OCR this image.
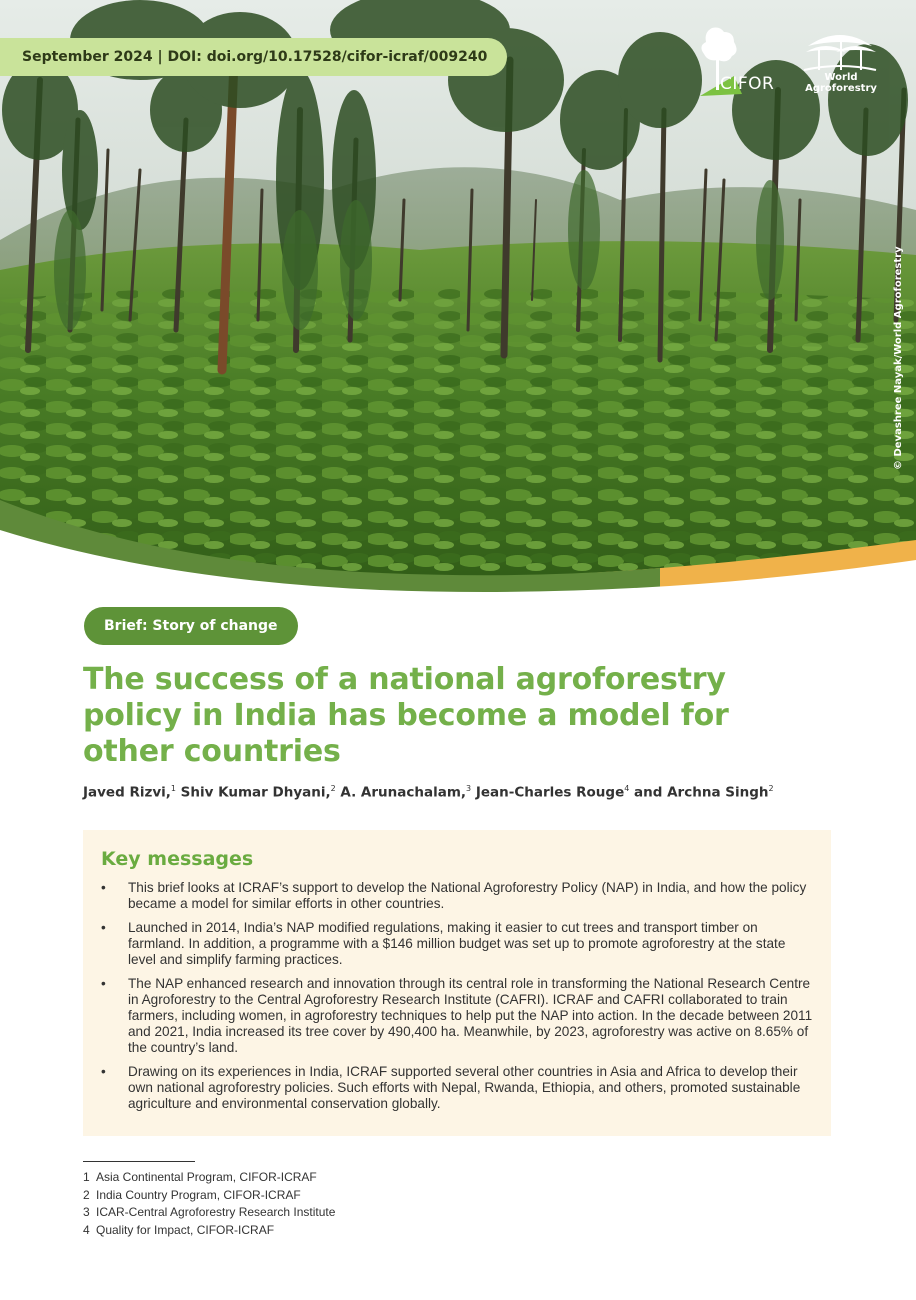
September 2024 | DOI: doi.org/10.17528/cifor-icraf/009240
CIFOR	World
Agroforestry
© Devashree Nayak/World Agroforestry
Brief: Story of change
The success of a national agroforestry policy in India has become a model for other countries
Javed Rizvi,$^1$ Shiv Kumar Dhyani,$^2$ A. Arunachalam,$^3$ Jean-Charles Rouge$^4$ and Archna Singh$^2$
Key messages
• This brief looks at ICRAF’s support to develop the National Agroforestry Policy (NAP) in India, and how the policy became a model for similar efforts in other countries.
• Launched in 2014, India’s NAP modified regulations, making it easier to cut trees and transport timber on farmland. In addition, a programme with a $146 million budget was set up to promote agroforestry at the state level and simplify farming practices.
• The NAP enhanced research and innovation through its central role in transforming the National Research Centre in Agroforestry to the Central Agroforestry Research Institute (CAFRI). ICRAF and CAFRI collaborated to train farmers, including women, in agroforestry techniques to help put the NAP into action. In the decade between 2011 and 2021, India increased its tree cover by 490,400 ha. Meanwhile, by 2023, agroforestry was active on 8.65% of the country’s land.
• Drawing on its experiences in India, ICRAF supported several other countries in Asia and Africa to develop their own national agroforestry policies. Such efforts with Nepal, Rwanda, Ethiopia, and others, promoted sustainable agriculture and environmental conservation globally.
1 Asia Continental Program, CIFOR-ICRAF
2 India Country Program, CIFOR-ICRAF
3 ICAR-Central Agroforestry Research Institute
4 Quality for Impact, CIFOR-ICRAF
